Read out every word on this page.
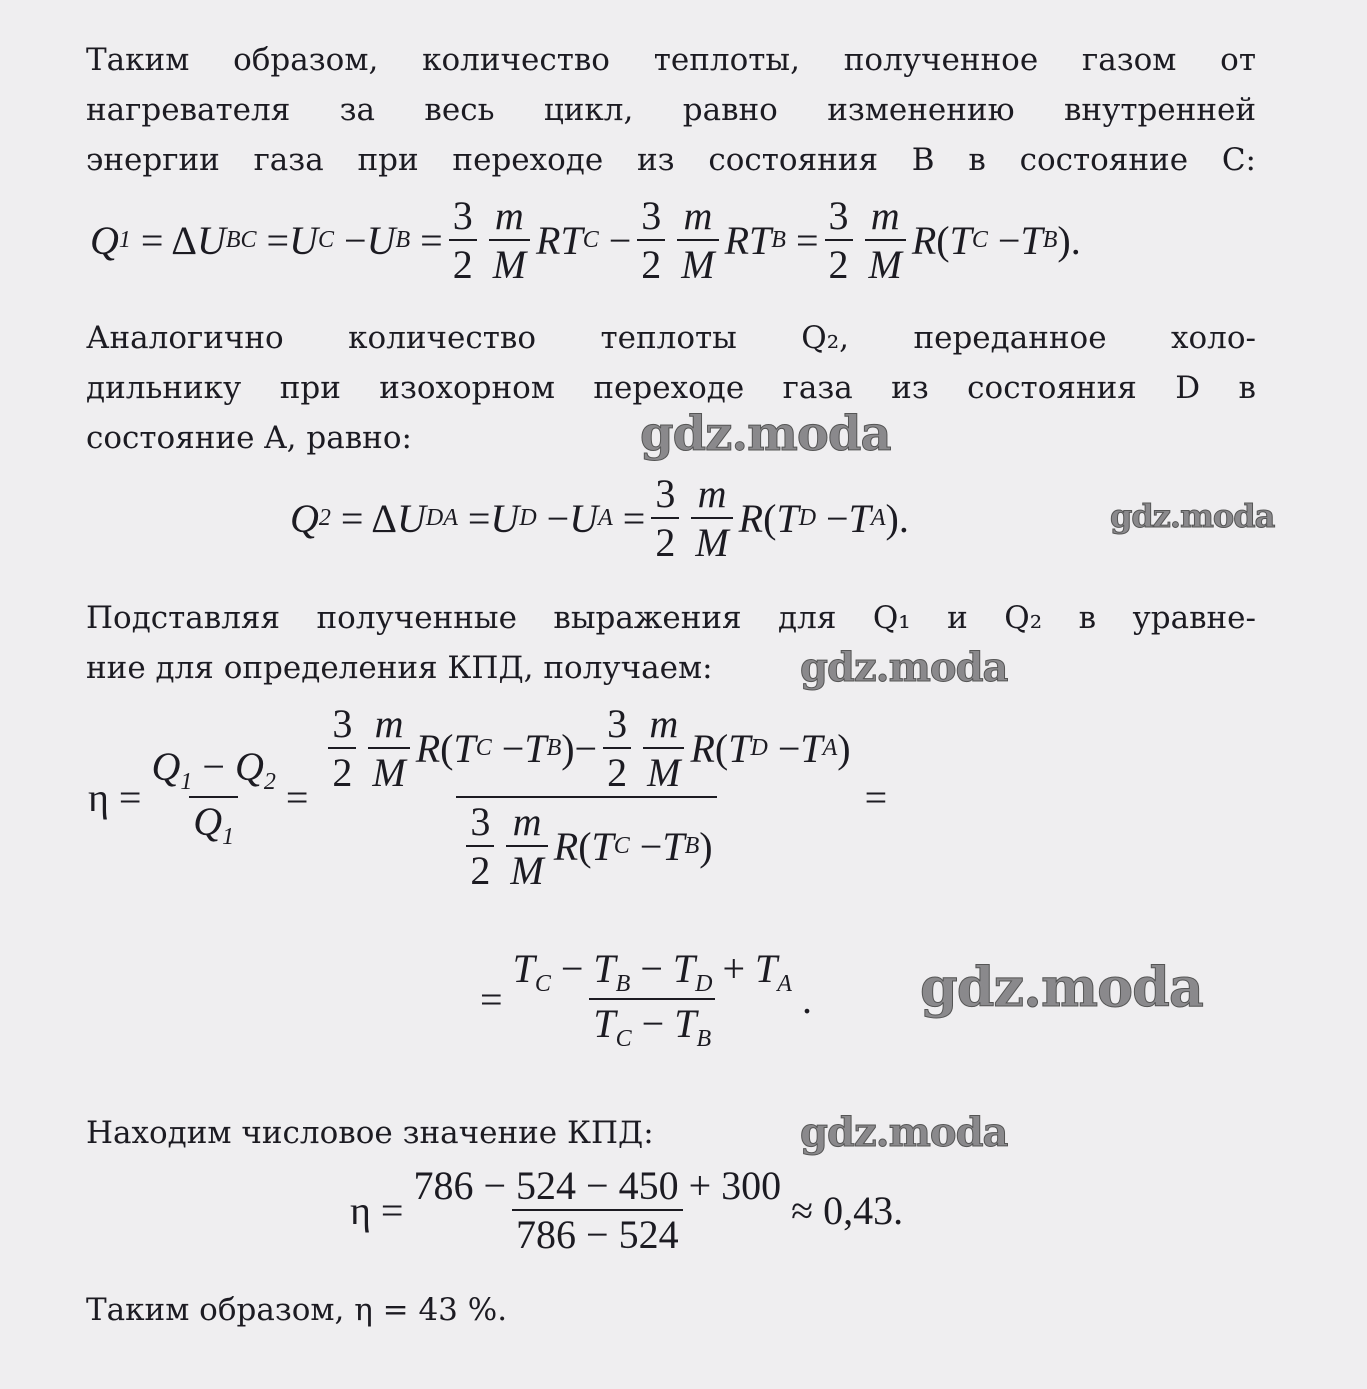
Таким образом, количество теплоты, полученное газом от
нагревателя за весь цикл, равно изменению внутренней
энергии газа при переходе из состояния B в состояние C:
Q 1 = Δ U BC = U C − U $B = \frac{3}{2} \frac{m}{M}$ RT $C - \frac{3}{2} \frac{m}{M}$ RT $B = \frac{3}{2} \frac{m}{M}$ R ( T C − T B ).
Аналогично количество теплоты Q₂, переданное холо-
дильнику при изохорном переходе газа из состояния D в
состояние A, равно:
Q 2 = Δ U DA = U D − U $A = \frac{3}{2} \frac{m}{M}$ R ( T D − T A ).
Подставляя полученные выражения для Q₁ и Q₂ в уравне-
ние для определения КПД, получаем:
$\eta = \frac{Q_1 - Q_2}{Q_1} = \frac{\frac{3}{2} \frac{m}{M} R ( T C - T B )- \frac{3}{2} \frac{m}{M} R ( T D - T A )}{\frac{3}{2} \frac{m}{M} R ( T C - T B )}$ =
= $\frac{T_C - T_B - T_D + T_A}{T_C - T_B}$ .
Находим числовое значение КПД:
$\eta = \frac{786 - 524 - 450 + 300}{786 - 524} \approx 0,43$.
Таким образом, η = 43 %.
gdz.moda
gdz.moda
gdz.moda
gdz.moda
gdz.moda
